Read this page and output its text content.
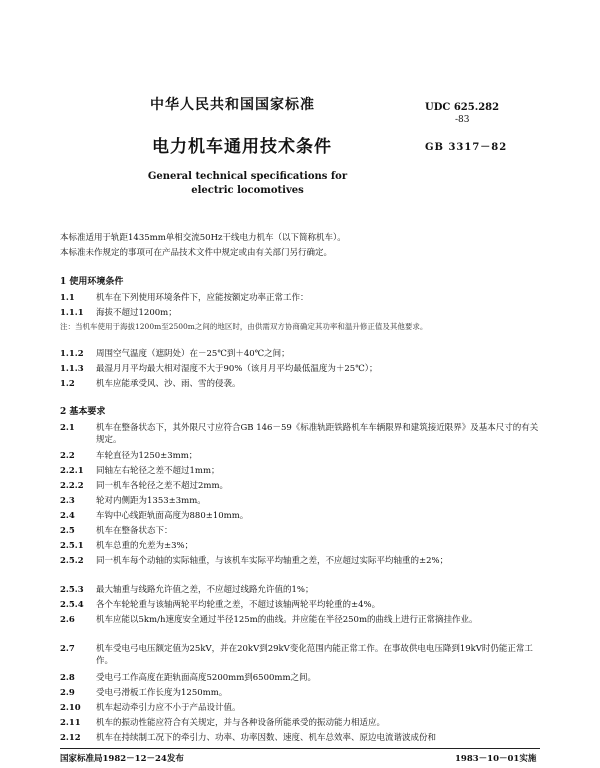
中华人民共和国国家标准	UDC 625.282
-83
电力机车通用技术条件	GB 3317－82
General technical specifications for electric locomotives
本标准适用于轨距1435mm单相交流50Hz干线电力机车（以下简称机车）。
本标准未作规定的事项可在产品技术文件中规定或由有关部门另行确定。
1 使用环境条件
1.1	机车在下列使用环境条件下，应能按额定功率正常工作：
1.1.1	海拔不超过1200m；
注：当机车使用于海拔1200m至2500m之间的地区时，由供需双方协商确定其功率和温升修正值及其他要求。
1.1.2	周围空气温度（遮阴处）在－25℃到＋40℃之间；
1.1.3	最湿月月平均最大相对湿度不大于90%（该月月平均最低温度为＋25℃）；
1.2	机车应能承受风、沙、雨、雪的侵袭。
2 基本要求
2.1	机车在整备状态下，其外限尺寸应符合GB 146－59《标准轨距铁路机车车辆限界和建筑接近限界》及基本尺寸的有关规定。
2.2	车轮直径为1250±3mm；
2.2.1	同轴左右轮径之差不超过1mm；
2.2.2	同一机车各轮径之差不超过2mm。
2.3	轮对内侧距为1353±3mm。
2.4	车钩中心线距轨面高度为880±10mm。
2.5	机车在整备状态下：
2.5.1	机车总重的允差为±3%；
2.5.2	同一机车每个动轴的实际轴重，与该机车实际平均轴重之差，不应超过实际平均轴重的±2%；
2.5.3	最大轴重与线路允许值之差，不应超过线路允许值的1%；
2.5.4	各个车轮轮重与该轴两轮平均轮重之差，不超过该轴两轮平均轮重的±4%。
2.6	机车应能以5km/h速度安全通过半径125m的曲线。并应能在半径250m的曲线上进行正常摘挂作业。
2.7	机车受电弓电压额定值为25kV，并在20kV到29kV变化范围内能正常工作。在事故供电电压降到19kV时仍能正常工作。
2.8	受电弓工作高度在距轨面高度5200mm到6500mm之间。
2.9	受电弓滑板工作长度为1250mm。
2.10	机车起动牵引力应不小于产品设计值。
2.11	机车的振动性能应符合有关规定，并与各种设备所能承受的振动能力相适应。
2.12	机车在持续制工况下的牵引力、功率、功率因数、速度、机车总效率、原边电流谐波成份和
国家标准局1982－12－24发布	1983－10－01实施
